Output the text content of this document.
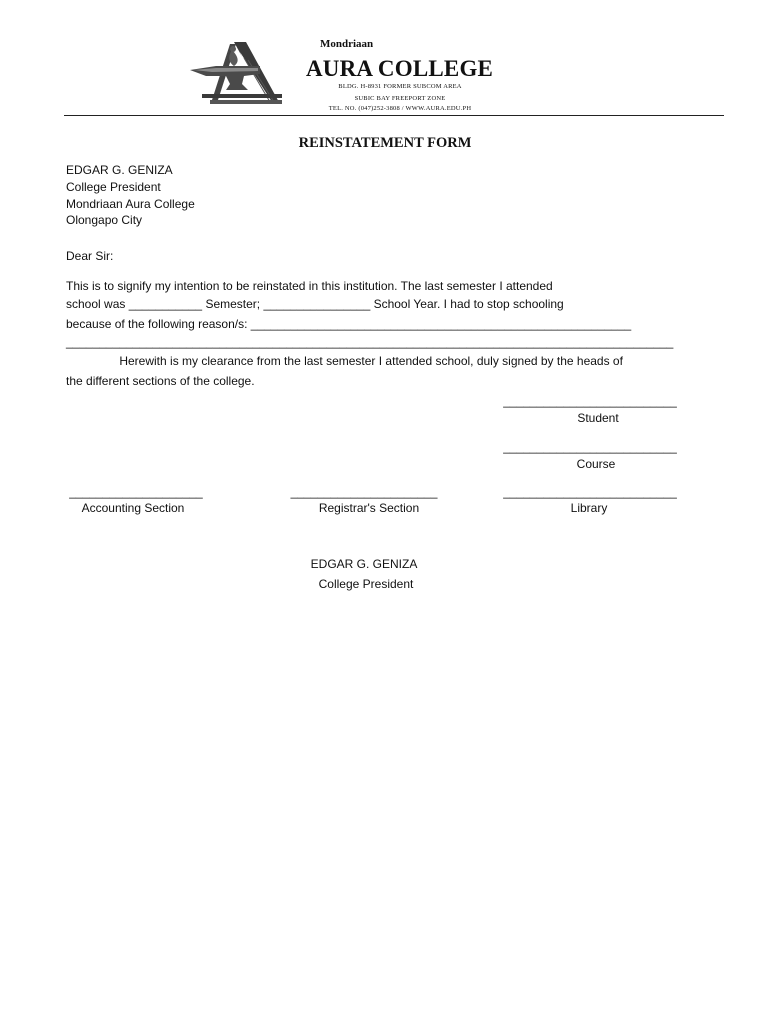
Mondriaan
AURA COLLEGE
BLDG. H-8931 FORMER SUBCOM AREA
SUBIC BAY FREEPORT ZONE
TEL. NO. (047)252-3808 / WWW.AURA.EDU.PH
REINSTATEMENT FORM
EDGAR G. GENIZA
College President
Mondriaan Aura College
Olongapo City
Dear Sir:
This is to signify my intention to be reinstated in this institution. The last semester I attended
school was ___________ Semester; ________________ School Year. I had to stop schooling
because of the following reason/s: _________________________________________________________
___________________________________________________________________________________________
Herewith is my clearance from the last semester I attended school, duly signed by the heads of
the different sections of the college.
__________________________
Student
__________________________
Course
____________________
Accounting Section
______________________
Registrar's Section
__________________________
Library
EDGAR G. GENIZA
College President
